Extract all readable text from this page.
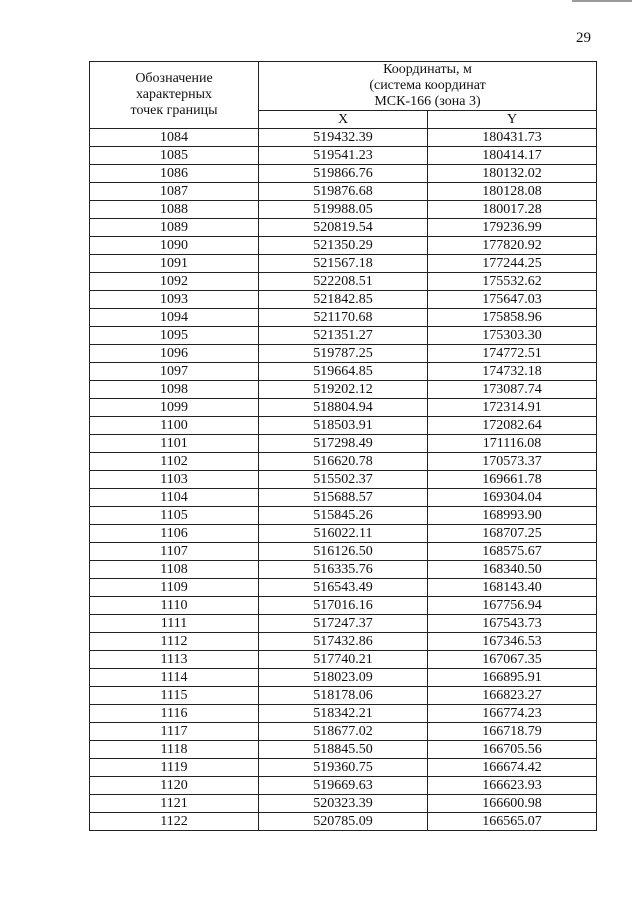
29
Обозначение
характерных
точек границы	Координаты, м
(система координат
МСК-166 (зона 3)	

	X	Y
1084	519432.39	180431.73
1085	519541.23	180414.17
1086	519866.76	180132.02
1087	519876.68	180128.08
1088	519988.05	180017.28
1089	520819.54	179236.99
1090	521350.29	177820.92
1091	521567.18	177244.25
1092	522208.51	175532.62
1093	521842.85	175647.03
1094	521170.68	175858.96
1095	521351.27	175303.30
1096	519787.25	174772.51
1097	519664.85	174732.18
1098	519202.12	173087.74
1099	518804.94	172314.91
1100	518503.91	172082.64
1101	517298.49	171116.08
1102	516620.78	170573.37
1103	515502.37	169661.78
1104	515688.57	169304.04
1105	515845.26	168993.90
1106	516022.11	168707.25
1107	516126.50	168575.67
1108	516335.76	168340.50
1109	516543.49	168143.40
1110	517016.16	167756.94
1111	517247.37	167543.73
1112	517432.86	167346.53
1113	517740.21	167067.35
1114	518023.09	166895.91
1115	518178.06	166823.27
1116	518342.21	166774.23
1117	518677.02	166718.79
1118	518845.50	166705.56
1119	519360.75	166674.42
1120	519669.63	166623.93
1121	520323.39	166600.98
1122	520785.09	166565.07
